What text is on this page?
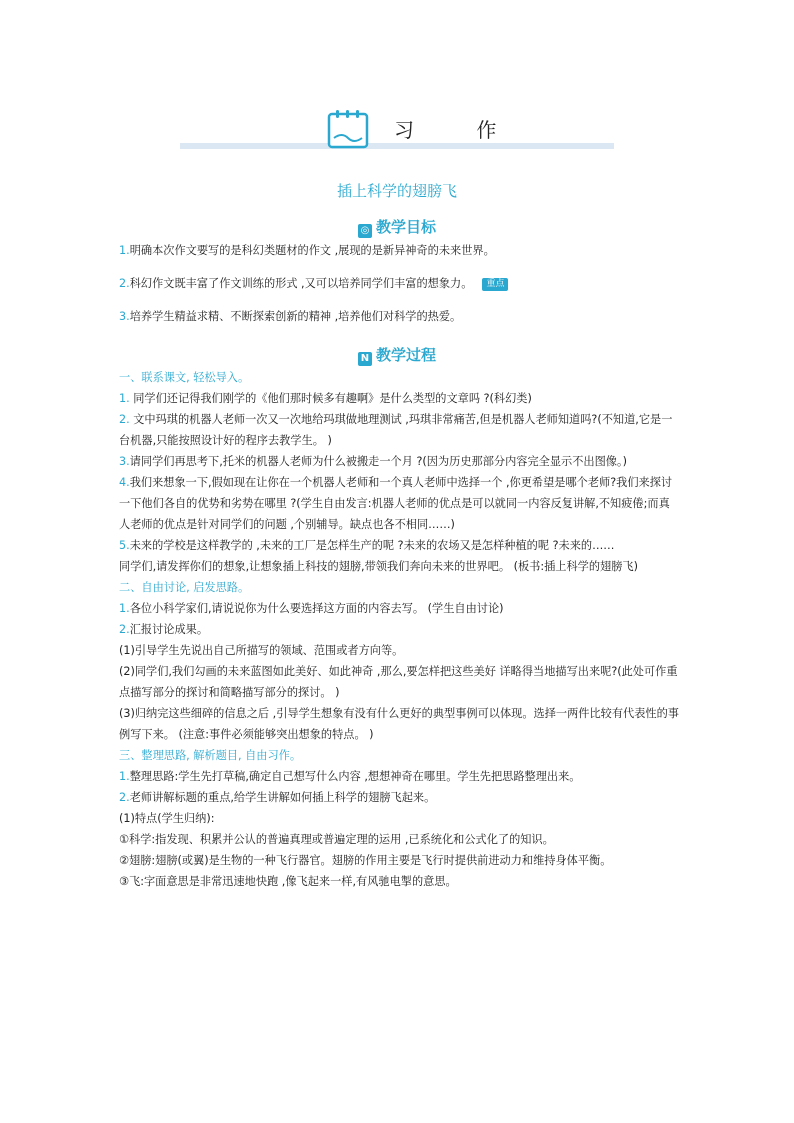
习 作
插上科学的翅膀飞
◎ 教学目标

1.明确本次作文要写的是科幻类题材的作文 ,展现的是新异神奇的未来世界。

2.科幻作文既丰富了作文训练的形式 ,又可以培养同学们丰富的想象力。 重点

3.培养学生精益求精、不断探索创新的精神 ,培养他们对科学的热爱。

一、联系课文, 轻松导入。

1. 同学们还记得我们刚学的《他们那时候多有趣啊》是什么类型的文章吗 ?(科幻类)

2. 文中玛琪的机器人老师一次又一次地给玛琪做地理测试 ,玛琪非常痛苦,但是机器人老师知道吗?(不知道,它是一台机器,只能按照设计好的程序去教学生。 )

3.请同学们再思考下,托米的机器人老师为什么被搬走一个月 ?(因为历史那部分内容完全显示不出图像。)

4.我们来想象一下,假如现在让你在一个机器人老师和一个真人老师中选择一个 ,你更希望是哪个老师?我们来探讨一下他们各自的优势和劣势在哪里 ?(学生自由发言:机器人老师的优点是可以就同一内容反复讲解,不知疲倦;而真人老师的优点是针对同学们的问题 ,个别辅导。缺点也各不相同……)

5.未来的学校是这样教学的 ,未来的工厂是怎样生产的呢 ?未来的农场又是怎样种植的呢 ?未来的……

同学们,请发挥你们的想象,让想象插上科技的翅膀,带领我们奔向未来的世界吧。 (板书:插上科学的翅膀飞)

二、自由讨论, 启发思路。

1.各位小科学家们,请说说你为什么要选择这方面的内容去写。 (学生自由讨论)

2.汇报讨论成果。

(1)引导学生先说出自己所描写的领域、范围或者方向等。

(2)同学们,我们勾画的未来蓝图如此美好、如此神奇 ,那么,要怎样把这些美好 详略得当地描写出来呢?(此处可作重点描写部分的探讨和简略描写部分的探讨。 )

(3)归纳完这些细碎的信息之后 ,引导学生想象有没有什么更好的典型事例可以体现。选择一两件比较有代表性的事例写下来。 (注意:事件必须能够突出想象的特点。 )

三、整理思路, 解析题目, 自由习作。

1.整理思路:学生先打草稿,确定自己想写什么内容 ,想想神奇在哪里。学生先把思路整理出来。

2.老师讲解标题的重点,给学生讲解如何插上科学的翅膀飞起来。

(1)特点(学生归纳):

①科学:指发现、积累并公认的普遍真理或普遍定理的运用 ,已系统化和公式化了的知识。

②翅膀:翅膀(或翼)是生物的一种飞行器官。翅膀的作用主要是飞行时提供前进动力和维持身体平衡。

③飞:字面意思是非常迅速地快跑 ,像飞起来一样,有风驰电掣的意思。

N 教学过程
